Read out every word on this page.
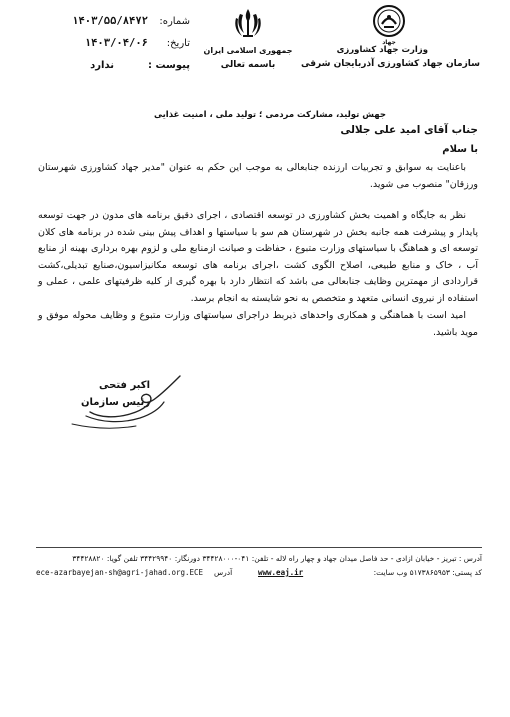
شماره:
۱۴۰۳/۵۵/۸۴۷۲
تاریخ:
۱۴۰۳/۰۴/۰۶
پیوست :
ندارد
جمهوری اسلامی ایران
باسمه تعالی
جهاد
وزارت جهاد کشاورزی
سازمان جهاد کشاورزی آذربایجان شرقی
جهش تولید، مشارکت مردمی ؛ تولید ملی ، امنیت غذایی
جناب آقای امید علی جلالی
با سلام
باعنایت به سوابق و تجربیات ارزنده جنابعالی به موجب این حکم به عنوان "مدیر جهاد کشاورزی شهرستان ورزقان" منصوب می شوید.
نظر به جایگاه و اهمیت بخش کشاورزی در توسعه اقتصادی ، اجرای دقیق برنامه های مدون در جهت توسعه پایدار و پیشرفت همه جانبه بخش در شهرستان هم سو با سیاستها و اهداف پیش بینی شده در برنامه های کلان توسعه ای و هماهنگ با سیاستهای وزارت متبوع ، حفاظت و صیانت ازمنابع ملی و لزوم بهره برداری بهینه از منابع آب ، خاک و منابع طبیعی، اصلاح الگوی کشت ،اجرای برنامه های توسعه مکانیزاسیون،صنایع تبدیلی،کشت قراردادی از مهمترین وظایف جنابعالی می باشد که انتظار دارد با بهره گیری از کلیه ظرفیتهای علمی ، عملی و استفاده از نیروی انسانی متعهد و متخصص به نحو شایسته به انجام برسد.
امید است با هماهنگی و همکاری واحدهای ذیربط دراجرای سیاستهای وزارت متبوع و وظایف محوله موفق و موید باشید.
اکبر فتحی
رئیس سازمان
آدرس : تبریز - خیابان ازادی - حد فاصل میدان جهاد و چهار راه لاله - تلفن: ۰۴۱-۳۴۴۲۸۰۰۰ دورنگار: ۳۴۴۲۹۹۴۰ تلفن گویا: ۳۴۴۲۸۸۲۰
ece-azarbayejan-sh@agri-jahad.org.ECE آدرس	www.eaj.ir	کد پستی: ۵۱۷۳۸۶۵۹۵۳ وب سایت:
